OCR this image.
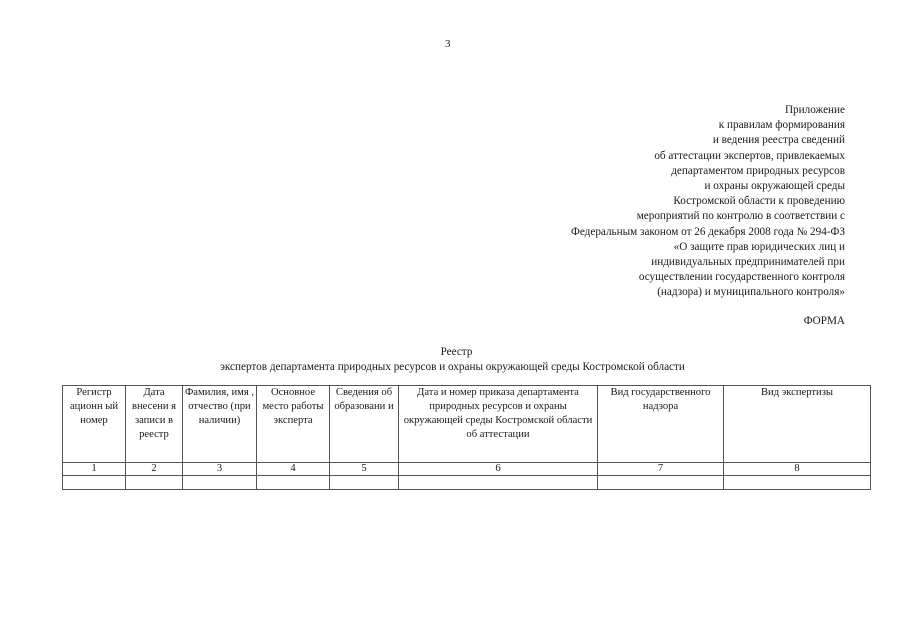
3
Приложение
к правилам формирования
и ведения реестра сведений
об аттестации экспертов, привлекаемых
департаментом природных ресурсов
и охраны окружающей среды
Костромской области к проведению
мероприятий по контролю в соответствии с
Федеральным законом от 26 декабря 2008 года № 294-ФЗ
«О защите прав юридических лиц и
индивидуальных предпринимателей при
осуществлении государственного контроля
(надзора) и муниципального контроля»
ФОРМА
Реестр
экспертов департамента природных ресурсов и охраны окружающей среды Костромской области
Регистр ационн ый номер	Дата внесени я записи в реестр	Фамилия, имя , отчество (при наличии)	Основное место работы эксперта	Сведения об образовани и	Дата и номер приказа департамента природных ресурсов и охраны окружающей среды Костромской области об аттестации	Вид государственного надзора	Вид экспертизы
1	2	3	4	5	6	7	8
